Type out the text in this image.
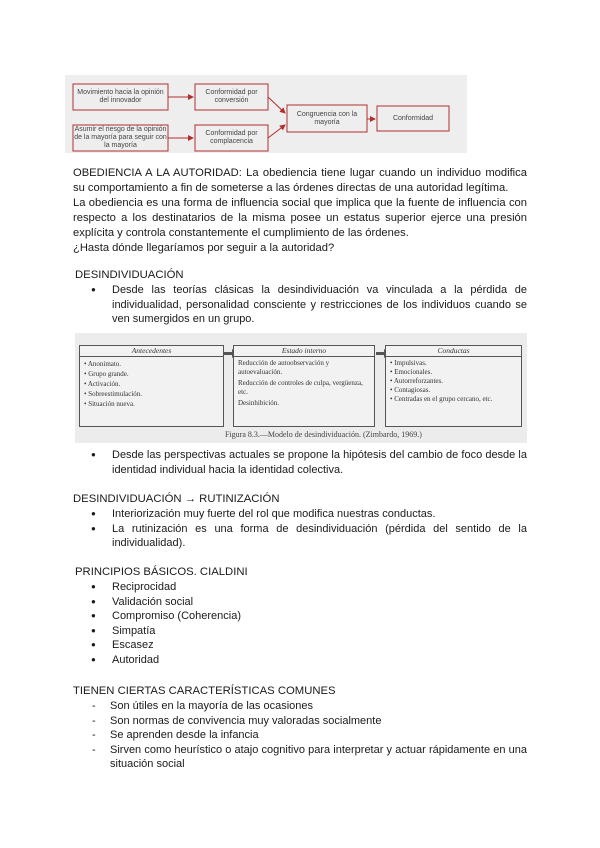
Movimiento hacia la opinión del innovador
Asumir el riesgo de la opinión de la mayoría para seguir con la mayoría
Conformidad por conversión
Conformidad por complacencia
Congruencia con la mayoría
Conformidad
OBEDIENCIA A LA AUTORIDAD: La obediencia tiene lugar cuando un individuo modifica su comportamiento a fin de someterse a las órdenes directas de una autoridad legítima.
La obediencia es una forma de influencia social que implica que la fuente de influencia con respecto a los destinatarios de la misma posee un estatus superior ejerce una presión explícita y controla constantemente el cumplimiento de las órdenes.
¿Hasta dónde llegaríamos por seguir a la autoridad?
DESINDIVIDUACIÓN
● Desde las teorías clásicas la desindividuación va vinculada a la pérdida de individualidad, personalidad consciente y restricciones de los individuos cuando se ven sumergidos en un grupo.
Antecedentes
• Anonimato.
• Grupo grande.
• Activación.
• Sobreestimulación.
• Situación nueva.
Estado interno
Reducción de autoobservación y autoevaluación.
Reducción de controles de culpa, vergüenza, etc.
Desinhibición.
Conductas
• Impulsivas.
• Emocionales.
• Autorreforzantes.
• Contagiosas.
• Centradas en el grupo cercano, etc.
Figura 8.3.—Modelo de desindividuación. (Zimbardo, 1969.)
● Desde las perspectivas actuales se propone la hipótesis del cambio de foco desde la identidad individual hacia la identidad colectiva.
DESINDIVIDUACIÓN → RUTINIZACIÓN
● Interiorización muy fuerte del rol que modifica nuestras conductas.
● La rutinización es una forma de desindividuación (pérdida del sentido de la individualidad).
PRINCIPIOS BÁSICOS. CIALDINI
● Reciprocidad
● Validación social
● Compromiso (Coherencia)
● Simpatía
● Escasez
● Autoridad
TIENEN CIERTAS CARACTERÍSTICAS COMUNES
- Son útiles en la mayoría de las ocasiones
- Son normas de convivencia muy valoradas socialmente
- Se aprenden desde la infancia
- Sirven como heurístico o atajo cognitivo para interpretar y actuar rápidamente en una situación social
